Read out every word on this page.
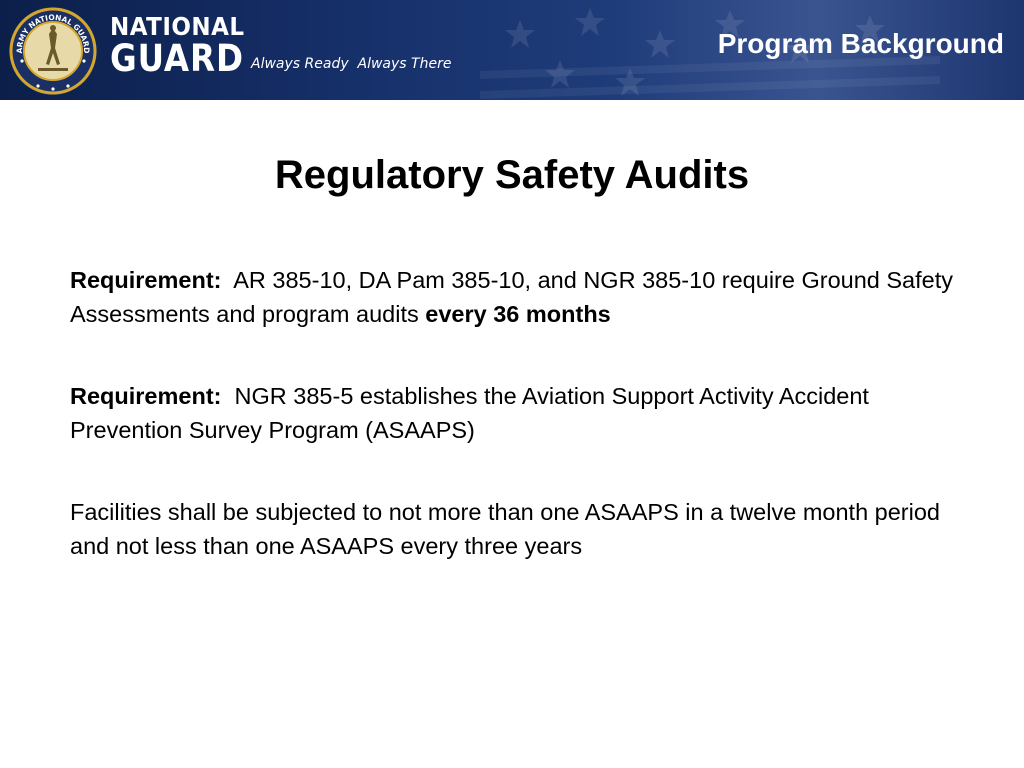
ARMY NATIONAL GUARD
NATIONAL
GUARD Always Ready  Always There
Program Background
Regulatory Safety Audits
Requirement: AR 385-10, DA Pam 385-10, and NGR 385-10 require Ground Safety Assessments and program audits every 36 months
Requirement: NGR 385-5 establishes the Aviation Support Activity Accident Prevention Survey Program (ASAAPS)
Facilities shall be subjected to not more than one ASAAPS in a twelve month period and not less than one ASAAPS every three years
